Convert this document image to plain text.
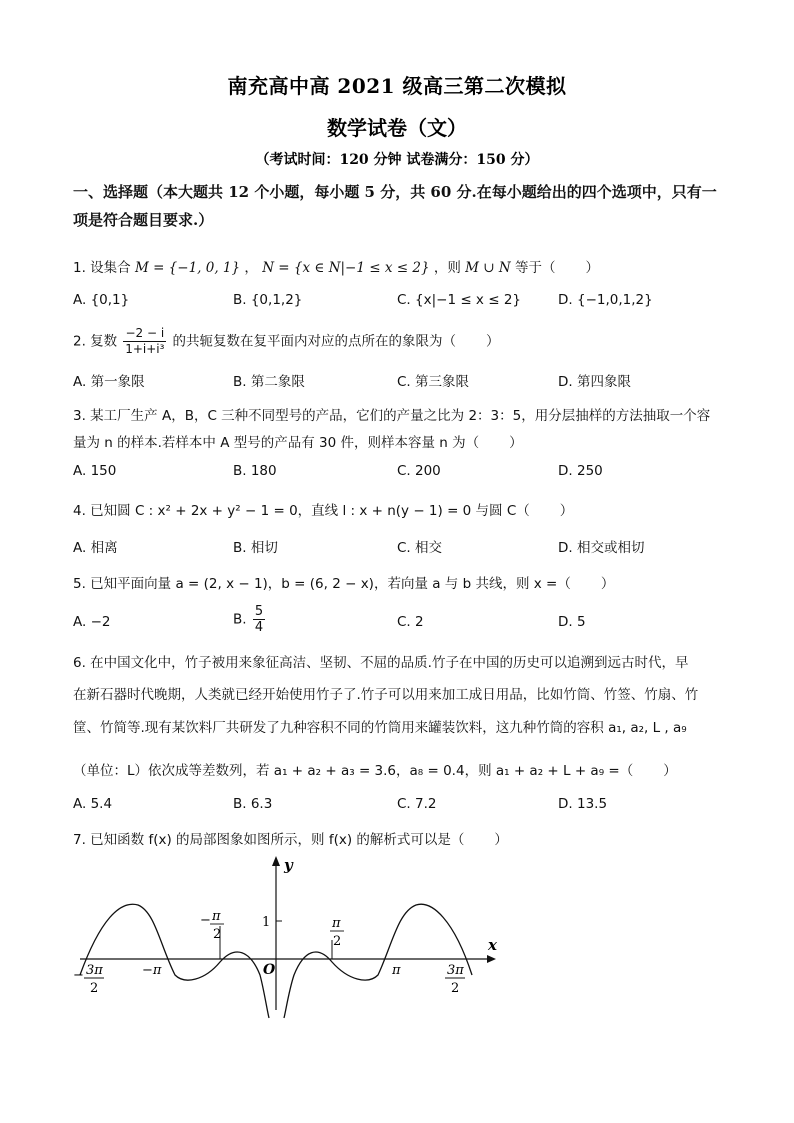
南充高中高 2021 级高三第二次模拟
数学试卷（文）
（考试时间：120 分钟 试卷满分：150 分）
一、选择题（本大题共 12 个小题，每小题 5 分，共 60 分.在每小题给出的四个选项中，只有一项是符合题目要求.）
1. 设集合 M = {−1, 0, 1} ， N = {x ∈ N|−1 ≤ x ≤ 2} ，则 M ∪ N 等于（ ）
A. {0,1}	B. {0,1,2}	C. {x|−1 ≤ x ≤ 2}	D. {−1,0,1,2}
2. 复数 $\frac{-2 - i}{\text{1+i+i³}}$ 的共轭复数在复平面内对应的点所在的象限为（ ）
A. 第一象限	B. 第二象限	C. 第三象限	D. 第四象限
3. 某工厂生产 A，B，C 三种不同型号的产品，它们的产量之比为 2：3：5，用分层抽样的方法抽取一个容
量为 n 的样本.若样本中 A 型号的产品有 30 件，则样本容量 n 为（ ）
A. 150	B. 180	C. 200	D. 250
4. 已知圆 C : x² + 2x + y² − 1 = 0，直线 l : x + n(y − 1) = 0 与圆 C（ ）
A. 相离	B. 相切	C. 相交	D. 相交或相切
5. 已知平面向量 a = (2, x − 1)，b = (6, 2 − x)，若向量 a 与 b 共线，则 x =（ ）
A. −2	B. $\frac{5}{4}$	C. 2	D. 5
6. 在中国文化中，竹子被用来象征高洁、坚韧、不屈的品质.竹子在中国的历史可以追溯到远古时代，早
在新石器时代晚期，人类就已经开始使用竹子了.竹子可以用来加工成日用品，比如竹筒、竹签、竹扇、竹
筐、竹简等.现有某饮料厂共研发了九种容积不同的竹筒用来罐装饮料，这九种竹筒的容积 a₁, a₂, L , a₉
（单位：L）依次成等差数列，若 a₁ + a₂ + a₃ = 3.6，a₈ = 0.4，则 a₁ + a₂ + L + a₉ =（ ）
A. 5.4	B. 6.3	C. 7.2	D. 13.5
7. 已知函数 f(x) 的局部图象如图所示，则 f(x) 的解析式可以是（ ）
y
x
O
1
− π
2
π
2
−π	π
− 3π
2
3π
2
